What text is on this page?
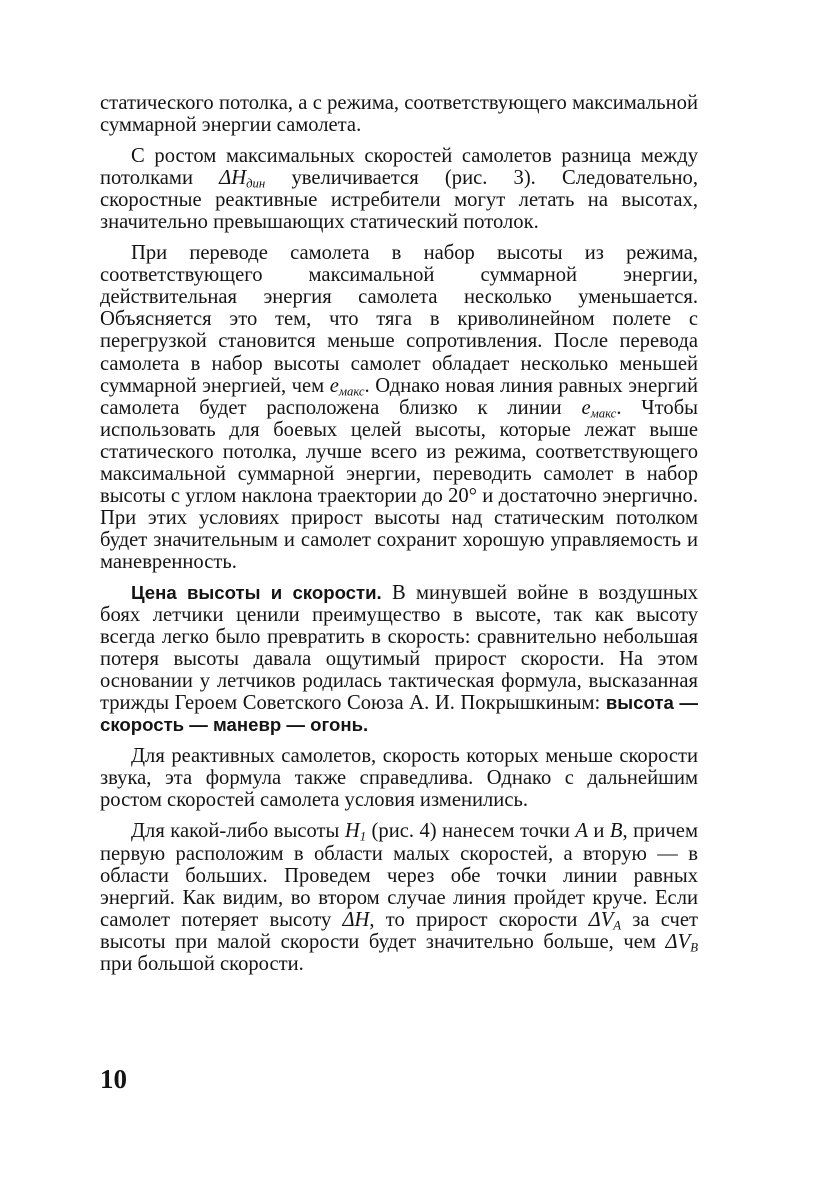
статического потолка, а с режима, соответствующего максимальной суммарной энергии самолета.

С ростом максимальных скоростей самолетов разница между потолками $\Delta H_{дин}$ увеличивается (рис. 3). Следовательно, скоростные реактивные истребители могут летать на высотах, значительно превышающих статический потолок.

При переводе самолета в набор высоты из режима, соответствующего максимальной суммарной энергии, действительная энергия самолета несколько уменьшается. Объясняется это тем, что тяга в криволинейном полете с перегрузкой становится меньше сопротивления. После перевода самолета в набор высоты самолет обладает несколько меньшей суммарной энергией, чем $e_{макс}$. Однако новая линия равных энергий самолета будет расположена близко к линии $e_{макс}$. Чтобы использовать для боевых целей высоты, которые лежат выше статического потолка, лучше всего из режима, соответствующего максимальной суммарной энергии, переводить самолет в набор высоты с углом наклона траектории до 20° и достаточно энергично. При этих условиях прирост высоты над статическим потолком будет значительным и самолет сохранит хорошую управляемость и маневренность.

Цена высоты и скорости. В минувшей войне в воздушных боях летчики ценили преимущество в высоте, так как высоту всегда легко было превратить в скорость: сравнительно небольшая потеря высоты давала ощутимый прирост скорости. На этом основании у летчиков родилась тактическая формула, высказанная трижды Героем Советского Союза А. И. Покрышкиным: высота — скорость — маневр — огонь.

Для реактивных самолетов, скорость которых меньше скорости звука, эта формула также справедлива. Однако с дальнейшим ростом скоростей самолета условия изменились.

Для какой-либо высоты $H_1$ (рис. 4) нанесем точки A и B, причем первую расположим в области малых скоростей, а вторую — в области больших. Проведем через обе точки линии равных энергий. Как видим, во втором случае линия пройдет круче. Если самолет потеряет высоту ΔH, то прирост скорости $\Delta V_A$ за счет высоты при малой скорости будет значительно больше, чем $\Delta V_B$ при большой скорости.

10
